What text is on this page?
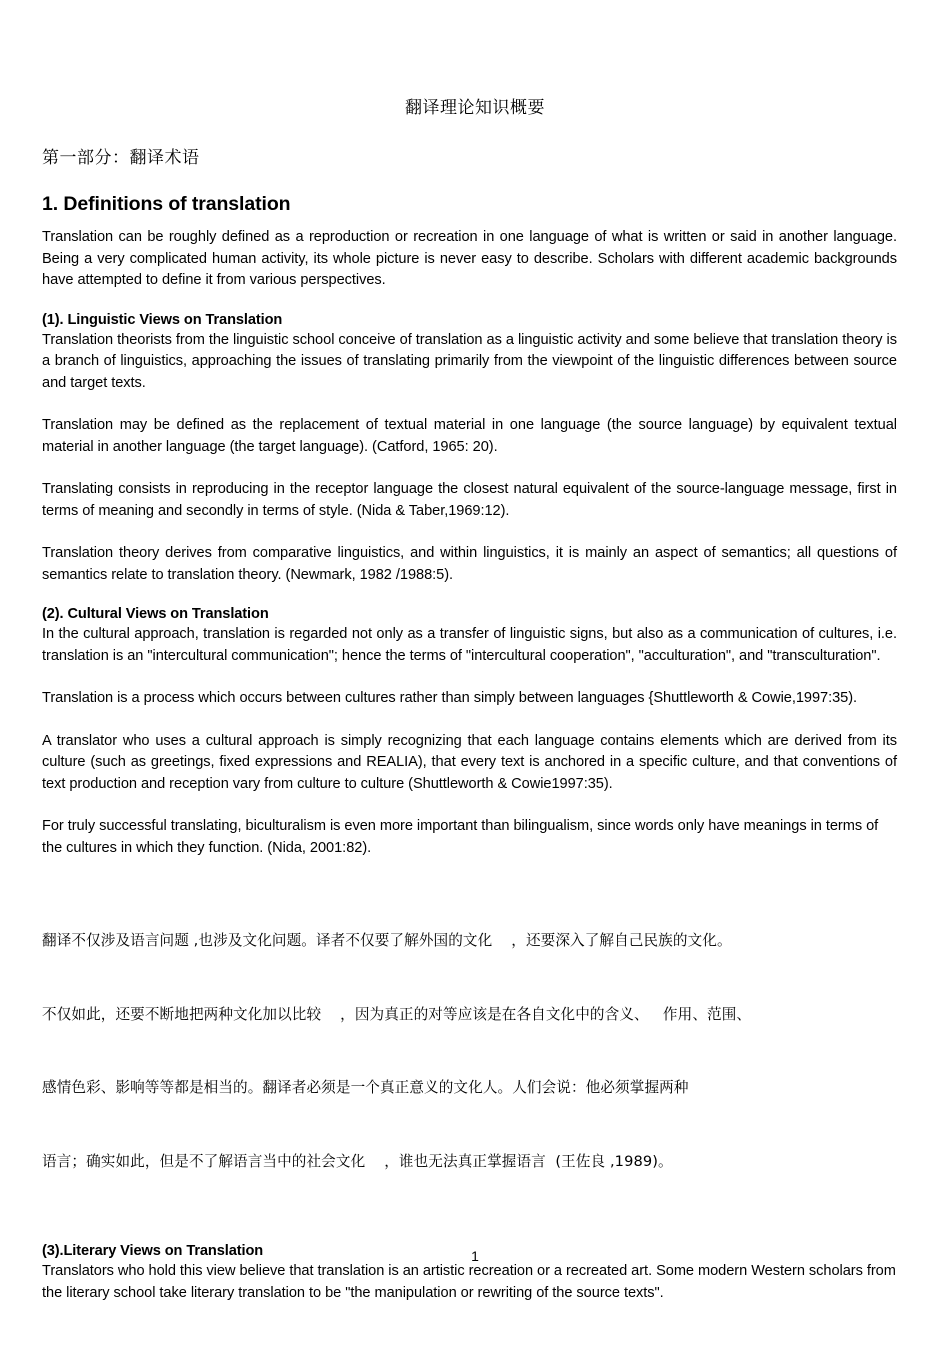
翻译理论知识概要
第一部分：翻译术语
1. Definitions of translation

Translation can be roughly defined as a reproduction or recreation in one language of what is written or said in another language. Being a very complicated human activity, its whole picture is never easy to describe. Scholars with different academic backgrounds have attempted to define it from various perspectives.

(1). Linguistic Views on Translation

Translation theorists from the linguistic school conceive of translation as a linguistic activity and some believe that translation theory is a branch of linguistics, approaching the issues of translating primarily from the viewpoint of the linguistic differences between source and target texts.

Translation may be defined as the replacement of textual material in one language (the source language) by equivalent textual material in another language (the target language). (Catford, 1965: 20).

Translating consists in reproducing in the receptor language the closest natural equivalent of the source-language message, first in terms of meaning and secondly in terms of style. (Nida & Taber,1969:12).

Translation theory derives from comparative linguistics, and within linguistics, it is mainly an aspect of semantics; all questions of semantics relate to translation theory. (Newmark, 1982 /1988:5).

(2). Cultural Views on Translation

In the cultural approach, translation is regarded not only as a transfer of linguistic signs, but also as a communication of cultures, i.e. translation is an "intercultural communication"; hence the terms of "intercultural cooperation", "acculturation", and "transculturation".

Translation is a process which occurs between cultures rather than simply between languages {Shuttleworth & Cowie,1997:35).

A translator who uses a cultural approach is simply recognizing that each language contains elements which are derived from its culture (such as greetings, fixed expressions and REALIA), that every text is anchored in a specific culture, and that conventions of text production and reception vary from culture to culture (Shuttleworth & Cowie1997:35).

For truly successful translating, biculturalism is even more important than bilingualism, since words only have meanings in terms of the cultures in which they function. (Nida, 2001:82).

翻译不仅涉及语言问题 ,也涉及文化问题。译者不仅要了解外国的文化    ，还要深入了解自己民族的文化。

不仅如此，还要不断地把两种文化加以比较    ，因为真正的对等应该是在各自文化中的含义、   作用、范围、

感情色彩、影响等等都是相当的。翻译者必须是一个真正意义的文化人。人们会说：他必须掌握两种

语言；确实如此，但是不了解语言当中的社会文化    ，谁也无法真正掌握语言  (王佐良 ,1989)。

(3).Literary Views on Translation

Translators who hold this view believe that translation is an artistic recreation or a recreated art. Some modern Western scholars from the literary school take literary translation to be "the manipulation or rewriting of the source texts".

1
